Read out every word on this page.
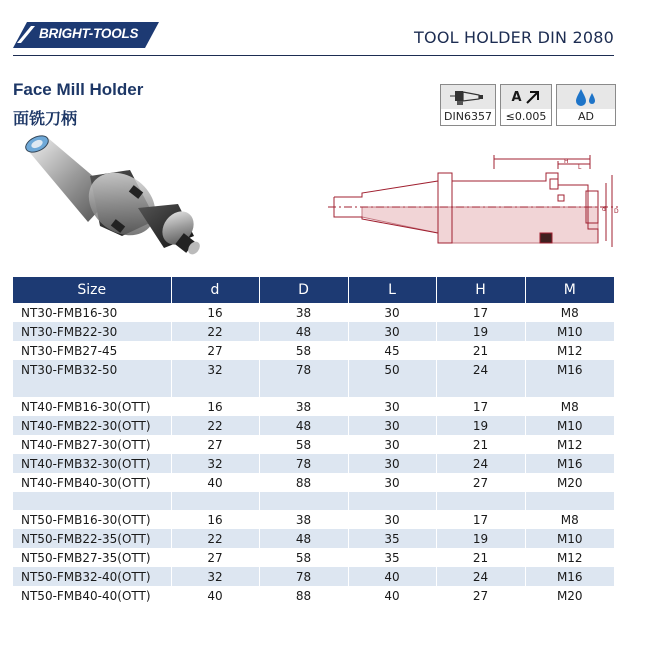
BRIGHT-TOOLS	TOOL HOLDER DIN 2080
Face Mill Holder
面铣刀柄	DIN6357
A
≤0.005	AD
H
L
d D
Size	d	D	L	H	M
NT30-FMB16-30	16	38	30	17	M8
NT30-FMB22-30	22	48	30	19	M10
NT30-FMB27-45	27	58	45	21	M12
NT30-FMB32-50	32	78	50	24	M16

NT40-FMB16-30(OTT)	16	38	30	17	M8
NT40-FMB22-30(OTT)	22	48	30	19	M10
NT40-FMB27-30(OTT)	27	58	30	21	M12
NT40-FMB32-30(OTT)	32	78	30	24	M16
NT40-FMB40-30(OTT)	40	88	30	27	M20

NT50-FMB16-30(OTT)	16	38	30	17	M8
NT50-FMB22-35(OTT)	22	48	35	19	M10
NT50-FMB27-35(OTT)	27	58	35	21	M12
NT50-FMB32-40(OTT)	32	78	40	24	M16
NT50-FMB40-40(OTT)	40	88	40	27	M20
